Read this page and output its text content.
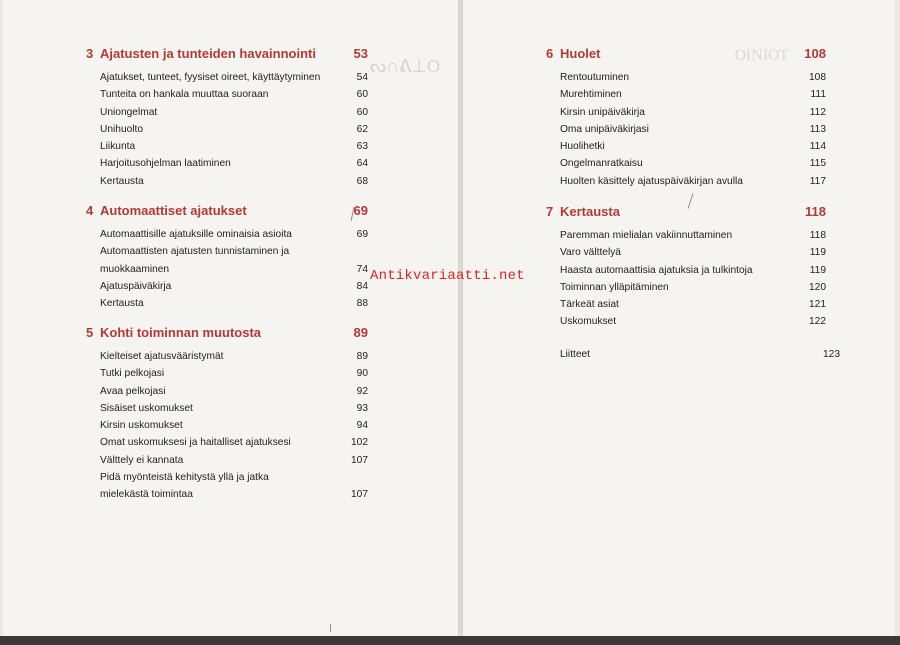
ᔓ∩ᕕ⊥O	ᴼᴵᴺᴵᴼᵀ
3 Ajatusten ja tunteiden havainnointi	53
Ajatukset, tunteet, fyysiset oireet, käyttäytyminen	54
Tunteita on hankala muuttaa suoraan	60
Uniongelmat	60
Unihuolto	62
Liikunta	63
Harjoitusohjelman laatiminen	64
Kertausta	68
4 Automaattiset ajatukset	69
Automaattisille ajatuksille ominaisia asioita	69
Automaattisten ajatusten tunnistaminen ja muokkaaminen	74
Ajatuspäiväkirja	84
Kertausta	88
5 Kohti toiminnan muutosta	89
Kielteiset ajatusvääristymät	89
Tutki pelkojasi	90
Avaa pelkojasi	92
Sisäiset uskomukset	93
Kirsin uskomukset	94
Omat uskomuksesi ja haitalliset ajatuksesi	102
Välttely ei kannata	107
Pidä myönteistä kehitystä yllä ja jatka mielekästä toimintaa	107
6 Huolet	108
Rentoutuminen	108
Murehtiminen	111
Kirsin unipäiväkirja	112
Oma unipäiväkirjasi	113
Huolihetki	114
Ongelmanratkaisu	115
Huolten käsittely ajatuspäiväkirjan avulla	117
7 Kertausta	118
Paremman mielialan vakiinnuttaminen	118
Varo välttelyä	119
Haasta automaattisia ajatuksia ja tulkintoja	119
Toiminnan ylläpitäminen	120
Tärkeät asiat	121
Uskomukset	122
Liitteet	123
Antikvariaatti.net
